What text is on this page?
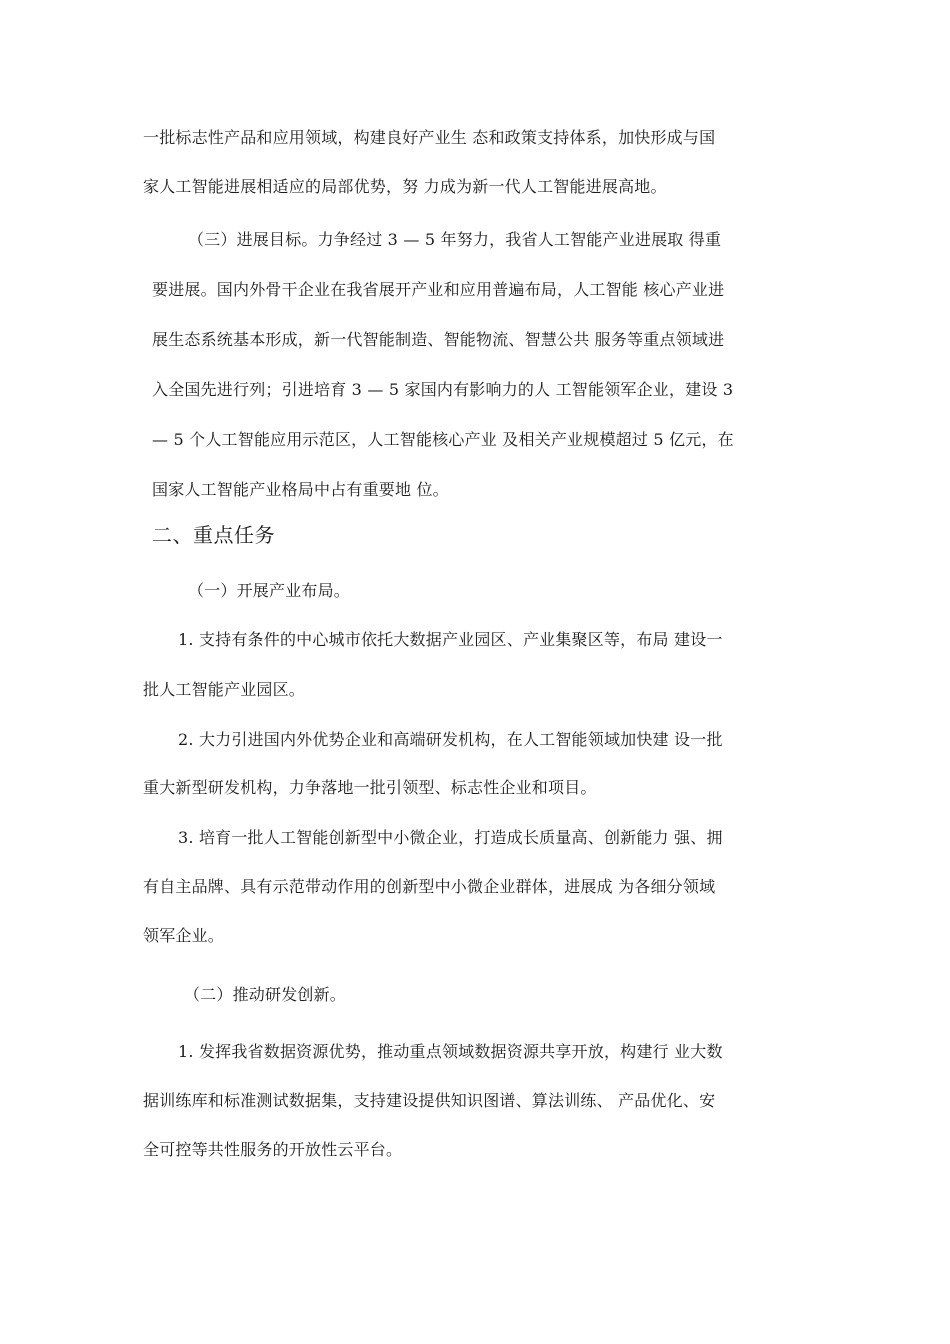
一批标志性产品和应用领域，构建良好产业生 态和政策支持体系，加快形成与国
家人工智能进展相适应的局部优势，努 力成为新一代人工智能进展高地。
（三）进展目标。力争经过 3 — 5 年努力，我省人工智能产业进展取 得重
要进展。国内外骨干企业在我省展开产业和应用普遍布局，人工智能 核心产业进
展生态系统基本形成，新一代智能制造、智能物流、智慧公共 服务等重点领域进
入全国先进行列；引进培育 3 — 5 家国内有影响力的人 工智能领军企业，建设 3
— 5 个人工智能应用示范区，人工智能核心产业 及相关产业规模超过 5 亿元，在
国家人工智能产业格局中占有重要地 位。
二、重点任务
（一）开展产业布局。
1. 支持有条件的中心城市依托大数据产业园区、产业集聚区等，布局 建设一
批人工智能产业园区。
2. 大力引进国内外优势企业和高端研发机构，在人工智能领域加快建 设一批
重大新型研发机构，力争落地一批引领型、标志性企业和项目。
3. 培育一批人工智能创新型中小微企业，打造成长质量高、创新能力 强、拥
有自主品牌、具有示范带动作用的创新型中小微企业群体，进展成 为各细分领域
领军企业。
（二）推动研发创新。
1. 发挥我省数据资源优势，推动重点领域数据资源共享开放，构建行 业大数
据训练库和标准测试数据集，支持建设提供知识图谱、算法训练、 产品优化、安
全可控等共性服务的开放性云平台。
